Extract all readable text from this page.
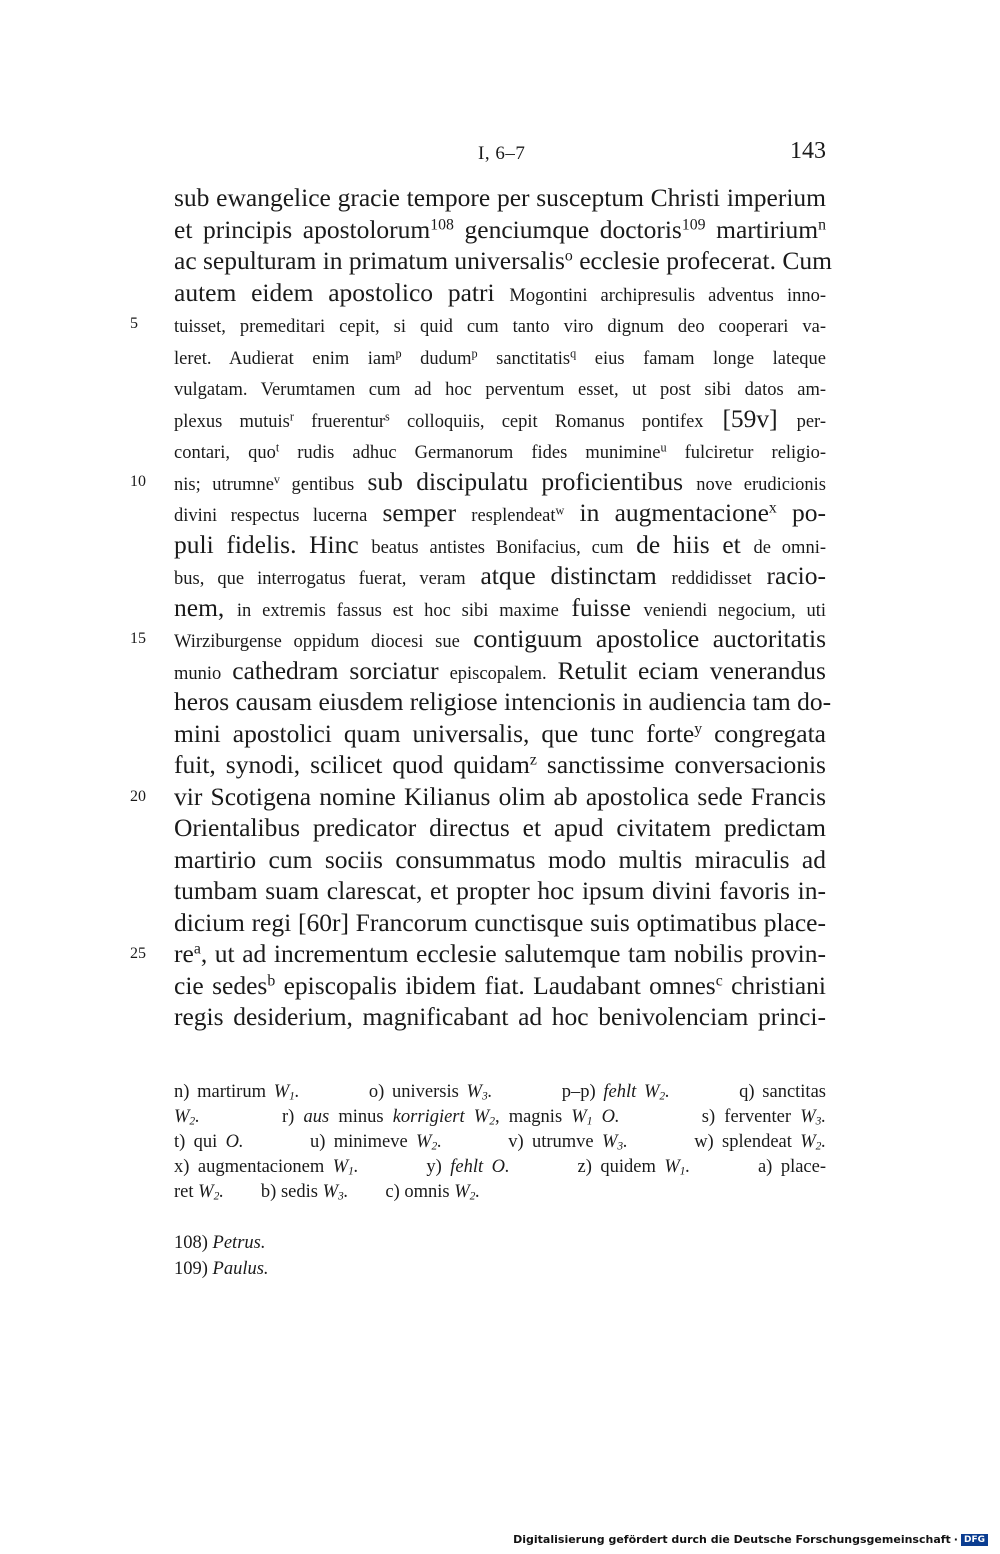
I, 6–7	143
sub ewangelice gracie tempore per susceptum Christi imperium
et principis apostolorum$^{108}$ genciumque doctoris$^{109}$ martirium$^n$
ac sepulturam in primatum universalis$^o$ ecclesie profecerat. Cum
autem eidem apostolico patri Mogontini archipresulis adventus inno-
tuisset, premeditari cepit, si quid cum tanto viro dignum deo cooperari va-
5
leret. Audierat enim iam$^p$ dudum$^p$ sanctitatis$^q$ eius famam longe lateque
vulgatam. Verumtamen cum ad hoc perventum esset, ut post sibi datos am-
plexus mutuis$^r$ fruerentur$^s$ colloquiis, cepit Romanus pontifex [59v] per-
contari, quo$^t$ rudis adhuc Germanorum fides munimine$^u$ fulciretur religio-
nis; utrumne$^v$ gentibus sub discipulatu proficientibus nove erudicionis
10
divini respectus lucerna semper resplendeat$^w$ in augmentacione$^x$ po-
puli fidelis. Hinc beatus antistes Bonifacius, cum de hiis et de omni-
bus, que interrogatus fuerat, veram atque distinctam reddidisset racio-
nem, in extremis fassus est hoc sibi maxime fuisse veniendi negocium, uti
Wirziburgense oppidum diocesi sue contiguum apostolice auctoritatis
15
munio cathedram sorciatur episcopalem. Retulit eciam venerandus
heros causam eiusdem religiose intencionis in audiencia tam do-
mini apostolici quam universalis, que tunc forte$^y$ congregata
fuit, synodi, scilicet quod quidam$^z$ sanctissime conversacionis
vir Scotigena nomine Kilianus olim ab apostolica sede Francis
20
Orientalibus predicator directus et apud civitatem predictam
martirio cum sociis consummatus modo multis miraculis ad
tumbam suam clarescat, et propter hoc ipsum divini favoris in-
dicium regi [60r] Francorum cunctisque suis optimatibus place-
$re^a$, ut ad incrementum ecclesie salutemque tam nobilis provin-
25
cie sedes$^b$ episcopalis ibidem fiat. Laudabant omnes$^c$ christiani
regis desiderium, magnificabant ad hoc benivolenciam princi-
n) martirum $W_1$.         o) universis $W_3$.         p–p) fehlt $W_2$.         q) sanctitas
$W_2$.         r) aus minus korrigiert $W_2$, magnis $W_1$ O.         s) ferventer $W_3$.
t) qui O.        u) minimeve $W_2$.        v) utrumve $W_3$.        w) splendeat $W_2$.
x) augmentacionem $W_1$.        y) fehlt O.        z) quidem $W_1$.        a) place-
ret $W_2$.        b) sedis $W_3$.        c) omnis $W_2$.
108) Petrus.
109) Paulus.
Digitalisierung gefördert durch die Deutsche Forschungsgemeinschaft · DFG
